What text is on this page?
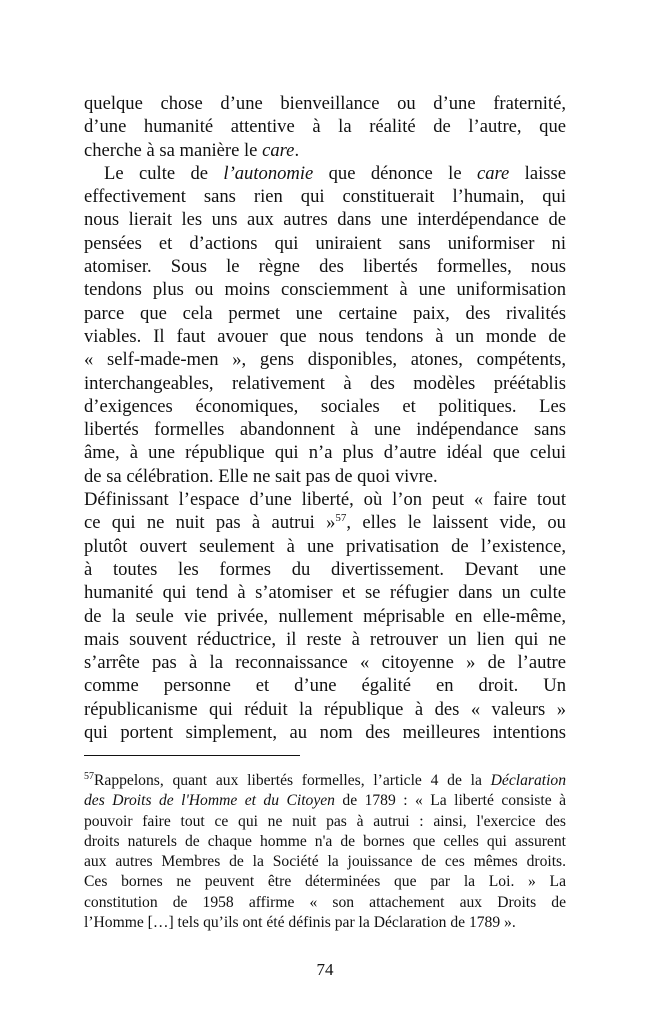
quelque chose d’une bienveillance ou d’une fraternité,
d’une humanité attentive à la réalité de l’autre, que
cherche à sa manière le care.
Le culte de l’autonomie que dénonce le care laisse
effectivement sans rien qui constituerait l’humain, qui
nous lierait les uns aux autres dans une interdépendance de
pensées et d’actions qui uniraient sans uniformiser ni
atomiser. Sous le règne des libertés formelles, nous
tendons plus ou moins consciemment à une uniformisation
parce que cela permet une certaine paix, des rivalités
viables. Il faut avouer que nous tendons à un monde de
« self-made-men », gens disponibles, atones, compétents,
interchangeables, relativement à des modèles préétablis
d’exigences économiques, sociales et politiques. Les
libertés formelles abandonnent à une indépendance sans
âme, à une république qui n’a plus d’autre idéal que celui
de sa célébration. Elle ne sait pas de quoi vivre.
Définissant l’espace d’une liberté, où l’on peut « faire tout
ce qui ne nuit pas à autrui »$^{57}$, elles le laissent vide, ou
plutôt ouvert seulement à une privatisation de l’existence,
à toutes les formes du divertissement. Devant une
humanité qui tend à s’atomiser et se réfugier dans un culte
de la seule vie privée, nullement méprisable en elle-même,
mais souvent réductrice, il reste à retrouver un lien qui ne
s’arrête pas à la reconnaissance « citoyenne » de l’autre
comme personne et d’une égalité en droit. Un
républicanisme qui réduit la république à des « valeurs »
qui portent simplement, au nom des meilleures intentions
$^{57}$Rappelons, quant aux libertés formelles, l’article 4 de la Déclaration
des Droits de l'Homme et du Citoyen de 1789 : « La liberté consiste à
pouvoir faire tout ce qui ne nuit pas à autrui : ainsi, l'exercice des
droits naturels de chaque homme n'a de bornes que celles qui assurent
aux autres Membres de la Société la jouissance de ces mêmes droits.
Ces bornes ne peuvent être déterminées que par la Loi. » La
constitution de 1958 affirme « son attachement aux Droits de
l’Homme […] tels qu’ils ont été définis par la Déclaration de 1789 ».
74
